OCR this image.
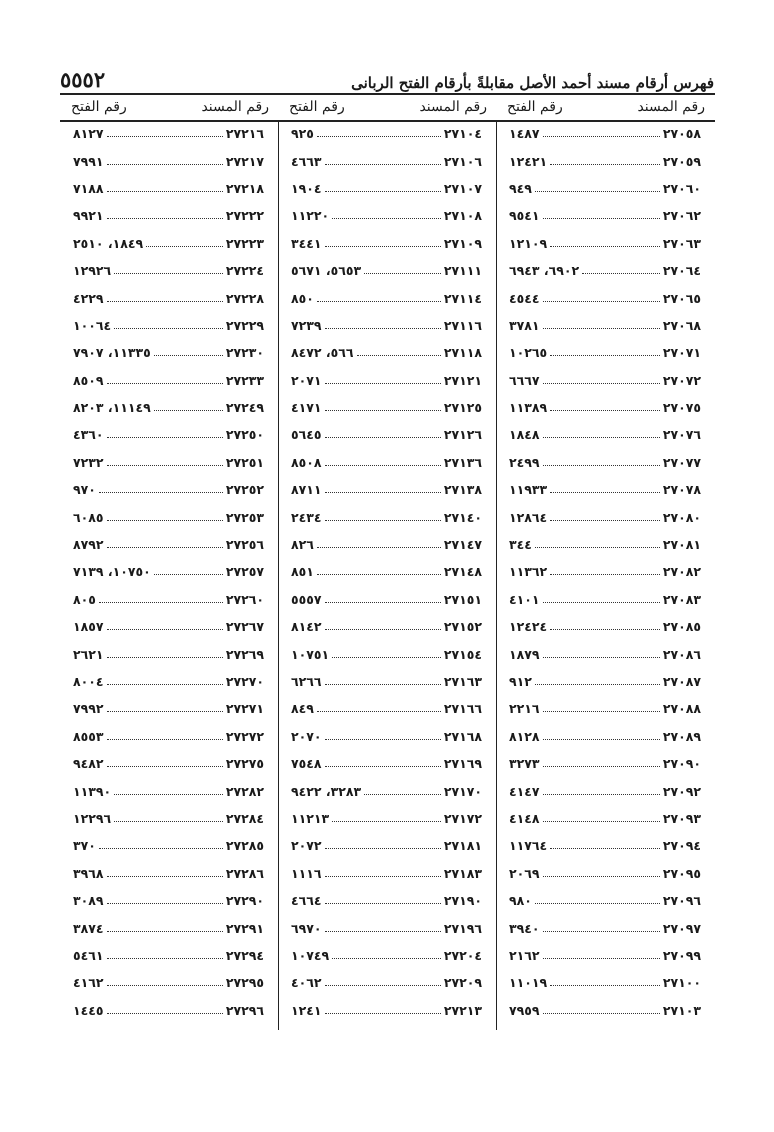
فهرس أرقام مسند أحمد الأصل مقابلةً بأرقام الفتح الربانى
٥٥٥٢
رقم المسند
رقم الفتح
رقم المسند
رقم الفتح
رقم المسند
رقم الفتح
٢٧٠٥٨
١٤٨٧
٢٧٠٥٩
١٢٤٢١
٢٧٠٦٠
٩٤٩
٢٧٠٦٢
٩٥٤١
٢٧٠٦٣
١٢١٠٩
٢٧٠٦٤
٦٩٠٢، ٦٩٤٣
٢٧٠٦٥
٤٥٤٤
٢٧٠٦٨
٣٧٨١
٢٧٠٧١
١٠٢٦٥
٢٧٠٧٢
٦٦٦٧
٢٧٠٧٥
١١٣٨٩
٢٧٠٧٦
١٨٤٨
٢٧٠٧٧
٢٤٩٩
٢٧٠٧٨
١١٩٣٣
٢٧٠٨٠
١٢٨٦٤
٢٧٠٨١
٣٤٤
٢٧٠٨٢
١١٣٦٢
٢٧٠٨٣
٤١٠١
٢٧٠٨٥
١٢٤٢٤
٢٧٠٨٦
١٨٧٩
٢٧٠٨٧
٩١٢
٢٧٠٨٨
٢٢١٦
٢٧٠٨٩
٨١٢٨
٢٧٠٩٠
٣٢٧٣
٢٧٠٩٢
٤١٤٧
٢٧٠٩٣
٤١٤٨
٢٧٠٩٤
١١٧٦٤
٢٧٠٩٥
٢٠٦٩
٢٧٠٩٦
٩٨٠
٢٧٠٩٧
٣٩٤٠
٢٧٠٩٩
٢١٦٢
٢٧١٠٠
١١٠١٩
٢٧١٠٣
٧٩٥٩
٢٧١٠٤
٩٢٥
٢٧١٠٦
٤٦٦٣
٢٧١٠٧
١٩٠٤
٢٧١٠٨
١١٢٢٠
٢٧١٠٩
٣٤٤١
٢٧١١١
٥٦٥٣، ٥٦٧١
٢٧١١٤
٨٥٠
٢٧١١٦
٧٢٣٩
٢٧١١٨
٥٦٦، ٨٤٧٢
٢٧١٢١
٢٠٧١
٢٧١٢٥
٤١٧١
٢٧١٢٦
٥٦٤٥
٢٧١٣٦
٨٥٠٨
٢٧١٣٨
٨٧١١
٢٧١٤٠
٢٤٣٤
٢٧١٤٧
٨٢٦
٢٧١٤٨
٨٥١
٢٧١٥١
٥٥٥٧
٢٧١٥٢
٨١٤٢
٢٧١٥٤
١٠٧٥١
٢٧١٦٣
٦٢٦٦
٢٧١٦٦
٨٤٩
٢٧١٦٨
٢٠٧٠
٢٧١٦٩
٧٥٤٨
٢٧١٧٠
٣٢٨٣، ٩٤٢٢
٢٧١٧٢
١١٢١٣
٢٧١٨١
٢٠٧٢
٢٧١٨٣
١١١٦
٢٧١٩٠
٤٦٦٤
٢٧١٩٦
٦٩٧٠
٢٧٢٠٤
١٠٧٤٩
٢٧٢٠٩
٤٠٦٢
٢٧٢١٣
١٢٤١
٢٧٢١٦
٨١٢٧
٢٧٢١٧
٧٩٩١
٢٧٢١٨
٧١٨٨
٢٧٢٢٢
٩٩٢١
٢٧٢٢٣
١٨٤٩، ٢٥١٠
٢٧٢٢٤
١٢٩٢٦
٢٧٢٢٨
٤٢٢٩
٢٧٢٢٩
١٠٠٦٤
٢٧٢٣٠
١١٣٣٥، ٧٩٠٧
٢٧٢٣٣
٨٥٠٩
٢٧٢٤٩
١١١٤٩، ٨٢٠٣
٢٧٢٥٠
٤٣٦٠
٢٧٢٥١
٧٢٣٢
٢٧٢٥٢
٩٧٠
٢٧٢٥٣
٦٠٨٥
٢٧٢٥٦
٨٧٩٢
٢٧٢٥٧
١٠٧٥٠، ٧١٣٩
٢٧٢٦٠
٨٠٥
٢٧٢٦٧
١٨٥٧
٢٧٢٦٩
٢٦٢١
٢٧٢٧٠
٨٠٠٤
٢٧٢٧١
٧٩٩٢
٢٧٢٧٢
٨٥٥٣
٢٧٢٧٥
٩٤٨٢
٢٧٢٨٢
١١٣٩٠
٢٧٢٨٤
١٢٢٩٦
٢٧٢٨٥
٣٧٠
٢٧٢٨٦
٣٩٦٨
٢٧٢٩٠
٣٠٨٩
٢٧٢٩١
٣٨٧٤
٢٧٢٩٤
٥٤٦١
٢٧٢٩٥
٤١٦٢
٢٧٢٩٦
١٤٤٥
